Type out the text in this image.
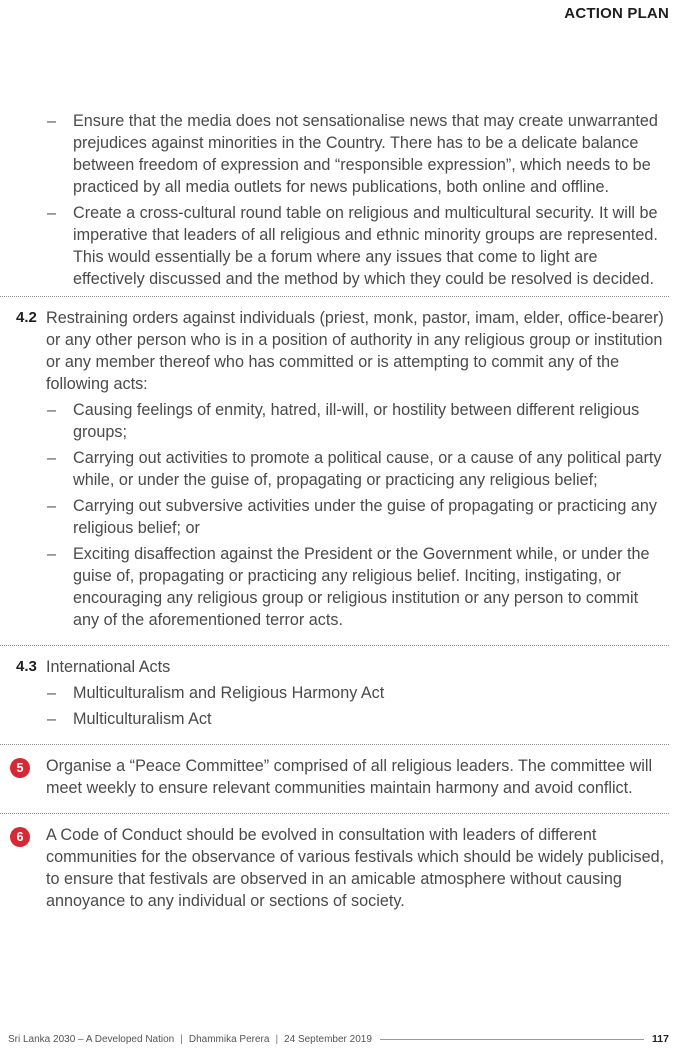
ACTION PLAN
– Ensure that the media does not sensationalise news that may create unwarranted prejudices against minorities in the Country. There has to be a delicate balance between freedom of expression and “responsible expression”, which needs to be practiced by all media outlets for news publications, both online and offline.
– Create a cross-cultural round table on religious and multicultural security. It will be imperative that leaders of all religious and ethnic minority groups are represented. This would essentially be a forum where any issues that come to light are effectively discussed and the method by which they could be resolved is decided.
4.2 Restraining orders against individuals (priest, monk, pastor, imam, elder, office-bearer) or any other person who is in a position of authority in any religious group or institution or any member thereof who has committed or is attempting to commit any of the following acts:

– Causing feelings of enmity, hatred, ill-will, or hostility between different religious groups;
– Carrying out activities to promote a political cause, or a cause of any political party while, or under the guise of, propagating or practicing any religious belief;
– Carrying out subversive activities under the guise of propagating or practicing any religious belief; or
– Exciting disaffection against the President or the Government while, or under the guise of, propagating or practicing any religious belief. Inciting, instigating, or encouraging any religious group or religious institution or any person to commit any of the aforementioned terror acts.
4.3 International Acts

– Multiculturalism and Religious Harmony Act
– Multiculturalism Act
5	Organise a “Peace Committee” comprised of all religious leaders. The committee will meet weekly to ensure relevant communities maintain harmony and avoid conflict.

6	A Code of Conduct should be evolved in consultation with leaders of different communities for the observance of various festivals which should be widely publicised, to ensure that festivals are observed in an amicable atmosphere without causing annoyance to any individual or sections of society.

Sri Lanka 2030 – A Developed Nation | Dhammika Perera | 24 September 2019	117
